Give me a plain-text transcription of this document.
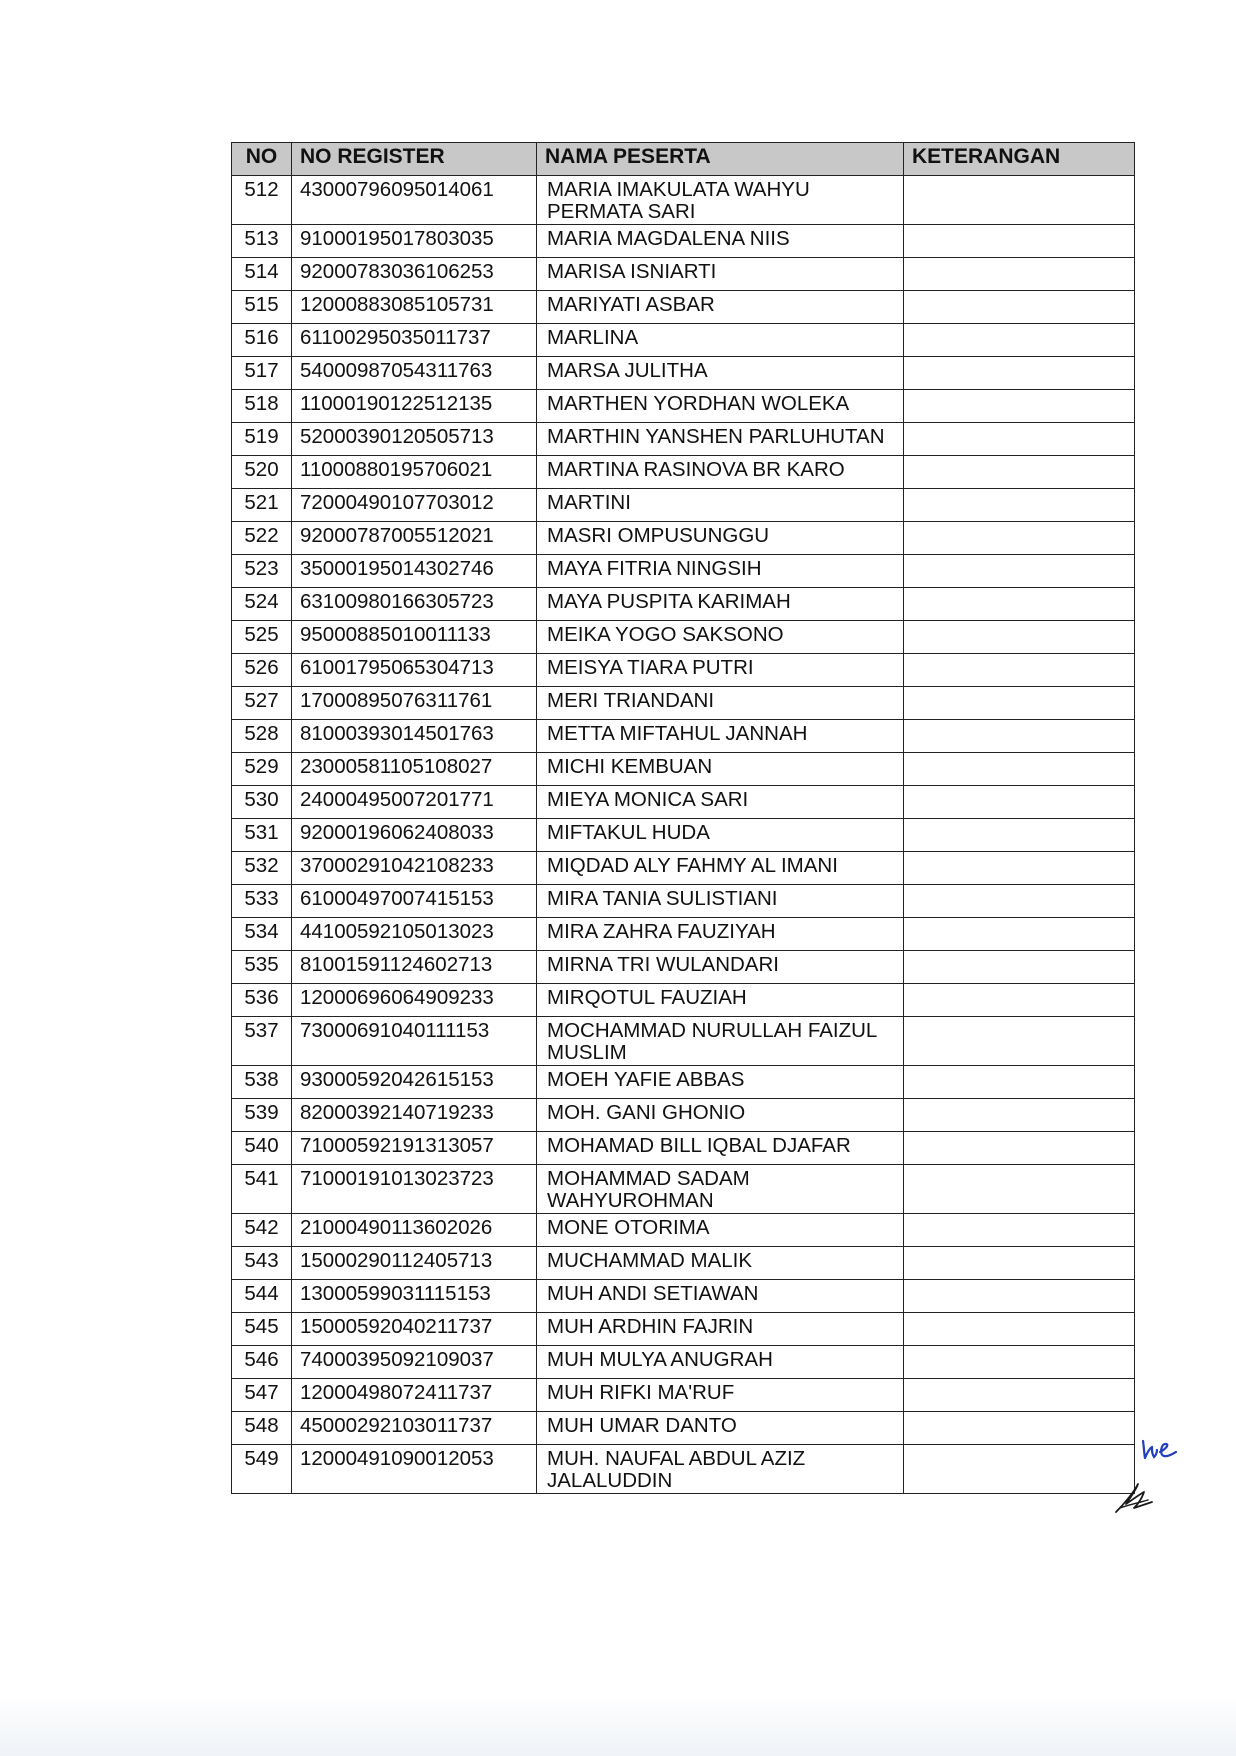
NO	NO REGISTER	NAMA PESERTA	KETERANGAN
512	43000796095014061	MARIA IMAKULATA WAHYU PERMATA SARI	
513	91000195017803035	MARIA MAGDALENA NIIS	
514	92000783036106253	MARISA ISNIARTI	
515	12000883085105731	MARIYATI ASBAR	
516	61100295035011737	MARLINA	
517	54000987054311763	MARSA JULITHA	
518	11000190122512135	MARTHEN YORDHAN WOLEKA	
519	52000390120505713	MARTHIN YANSHEN PARLUHUTAN	
520	11000880195706021	MARTINA RASINOVA BR KARO	
521	72000490107703012	MARTINI	
522	92000787005512021	MASRI OMPUSUNGGU	
523	35000195014302746	MAYA FITRIA NINGSIH	
524	63100980166305723	MAYA PUSPITA KARIMAH	
525	95000885010011133	MEIKA YOGO SAKSONO	
526	61001795065304713	MEISYA TIARA PUTRI	
527	17000895076311761	MERI TRIANDANI	
528	81000393014501763	METTA MIFTAHUL JANNAH	
529	23000581105108027	MICHI KEMBUAN	
530	24000495007201771	MIEYA MONICA SARI	
531	92000196062408033	MIFTAKUL HUDA	
532	37000291042108233	MIQDAD ALY FAHMY AL IMANI	
533	61000497007415153	MIRA TANIA SULISTIANI	
534	44100592105013023	MIRA ZAHRA FAUZIYAH	
535	81001591124602713	MIRNA TRI WULANDARI	
536	12000696064909233	MIRQOTUL FAUZIAH	
537	73000691040111153	MOCHAMMAD NURULLAH FAIZUL MUSLIM	
538	93000592042615153	MOEH YAFIE ABBAS	
539	82000392140719233	MOH. GANI GHONIO	
540	71000592191313057	MOHAMAD BILL IQBAL DJAFAR	
541	71000191013023723	MOHAMMAD SADAM WAHYUROHMAN	
542	21000490113602026	MONE OTORIMA	
543	15000290112405713	MUCHAMMAD MALIK	
544	13000599031115153	MUH ANDI SETIAWAN	
545	15000592040211737	MUH ARDHIN FAJRIN	
546	74000395092109037	MUH MULYA ANUGRAH	
547	12000498072411737	MUH RIFKI MA'RUF	
548	45000292103011737	MUH UMAR DANTO	
549	12000491090012053	MUH. NAUFAL ABDUL AZIZ JALALUDDIN	
